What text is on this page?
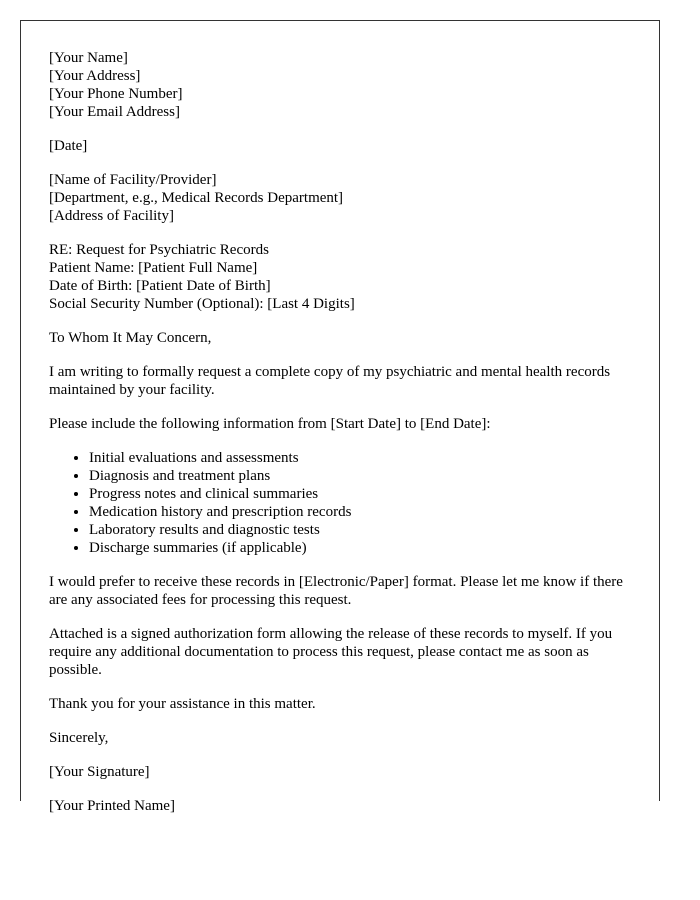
[Your Name]
[Your Address]
[Your Phone Number]
[Your Email Address]
[Date]
[Name of Facility/Provider]
[Department, e.g., Medical Records Department]
[Address of Facility]
RE: Request for Psychiatric Records
Patient Name: [Patient Full Name]
Date of Birth: [Patient Date of Birth]
Social Security Number (Optional): [Last 4 Digits]

To Whom It May Concern,

I am writing to formally request a complete copy of my psychiatric and mental health records maintained by your facility.

Please include the following information from [Start Date] to [End Date]:

• Initial evaluations and assessments
• Diagnosis and treatment plans
• Progress notes and clinical summaries
• Medication history and prescription records
• Laboratory results and diagnostic tests
• Discharge summaries (if applicable)

I would prefer to receive these records in [Electronic/Paper] format. Please let me know if there are any associated fees for processing this request.

Attached is a signed authorization form allowing the release of these records to myself. If you require any additional documentation to process this request, please contact me as soon as possible.

Thank you for your assistance in this matter.

Sincerely,

[Your Signature]

[Your Printed Name]
